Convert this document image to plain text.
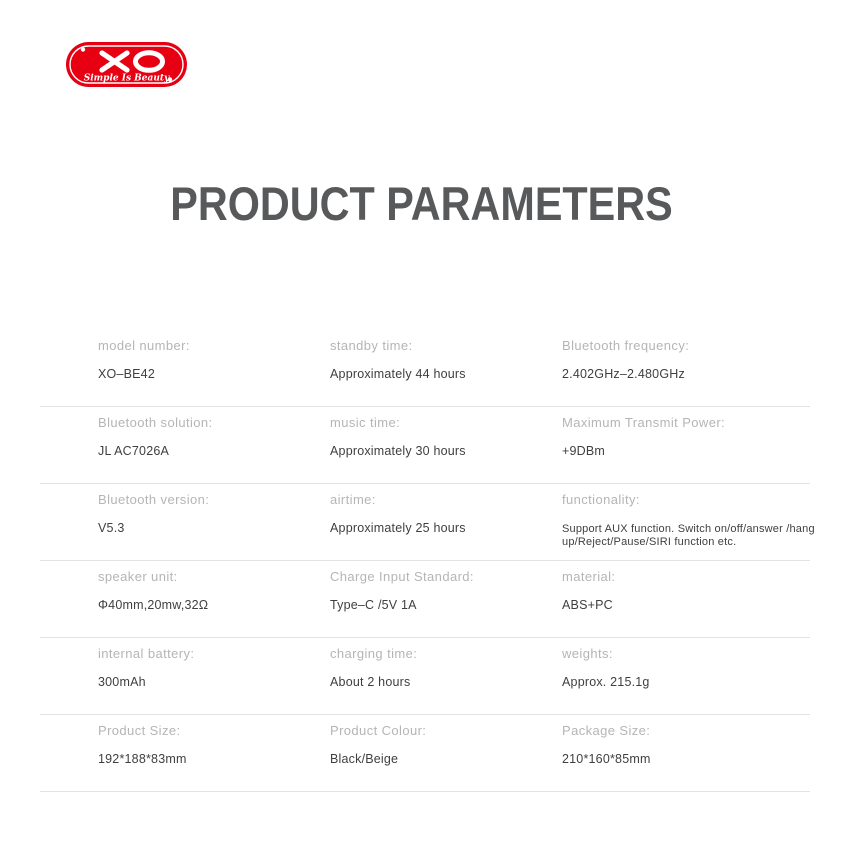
Simple Is Beauty
PRODUCT PARAMETERS
model number:
XO–BE42
standby time:
Approximately 44 hours
Bluetooth frequency:
2.402GHz–2.480GHz
Bluetooth solution:
JL AC7026A
music time:
Approximately 30 hours
Maximum Transmit Power:
+9DBm
Bluetooth version:
V5.3
airtime:
Approximately 25 hours
functionality:
Support AUX function. Switch on/off/answer /hang up/Reject/Pause/SIRI function etc.
speaker unit:
Φ40mm,20mw,32Ω
Charge Input Standard:
Type–C /5V 1A
material:
ABS+PC
internal battery:
300mAh
charging time:
About 2 hours
weights:
Approx. 215.1g
Product Size:
192*188*83mm
Product Colour:
Black/Beige
Package Size:
210*160*85mm
